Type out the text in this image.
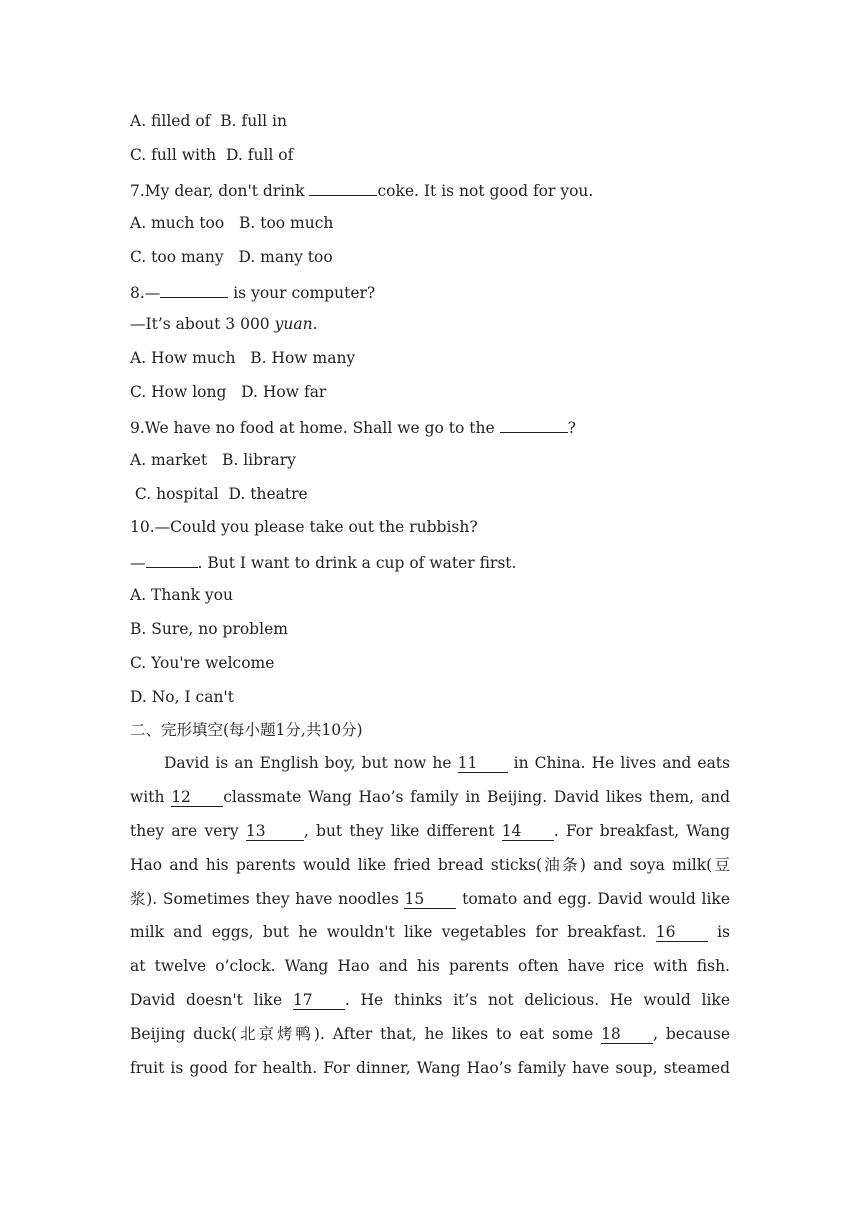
A. filled of  B. full in
C. full with  D. full of
7.My dear, don't drink	coke. It is not good for you.
A. much too   B. too much
C. too many   D. many too
8.—	is your computer?
—It’s about 3 000 yuan.
A. How much   B. How many
C. How long   D. How far
9.We have no food at home. Shall we go to the	?
A. market   B. library
C. hospital  D. theatre
10.—Could you please take out the rubbish?
—	. But I want to drink a cup of water first.
A. Thank you
B. Sure, no problem
C. You're welcome
D. No, I can't
二、完形填空(每小题1分,共10分)
David is an English boy, but now he 11 in China. He lives and eats
with 12 classmate Wang Hao’s family in Beijing. David likes them, and
they are very 13 , but they like different 14 . For breakfast, Wang
Hao and his parents would like fried bread sticks(油条) and soya milk(豆
浆). Sometimes they have noodles 15 tomato and egg. David would like
milk and eggs, but he wouldn't like vegetables for breakfast. 16 is
at twelve o’clock. Wang Hao and his parents often have rice with fish.
David doesn't like 17 . He thinks it’s not delicious. He would like
Beijing duck(北京烤鸭). After that, he likes to eat some 18 , because
fruit is good for health. For dinner, Wang Hao’s family have soup, steamed
